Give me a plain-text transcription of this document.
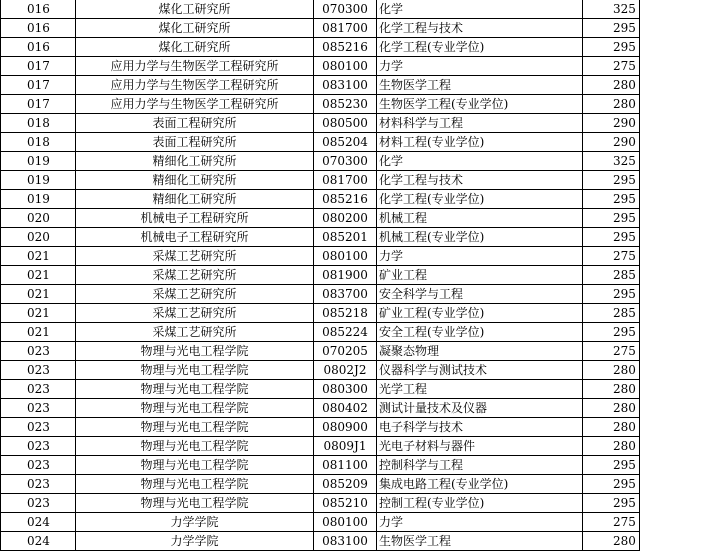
016	煤化工研究所	070300	化学	325
016	煤化工研究所	081700	化学工程与技术	295
016	煤化工研究所	085216	化学工程(专业学位)	295
017	应用力学与生物医学工程研究所	080100	力学	275
017	应用力学与生物医学工程研究所	083100	生物医学工程	280
017	应用力学与生物医学工程研究所	085230	生物医学工程(专业学位)	280
018	表面工程研究所	080500	材料科学与工程	290
018	表面工程研究所	085204	材料工程(专业学位)	290
019	精细化工研究所	070300	化学	325
019	精细化工研究所	081700	化学工程与技术	295
019	精细化工研究所	085216	化学工程(专业学位)	295
020	机械电子工程研究所	080200	机械工程	295
020	机械电子工程研究所	085201	机械工程(专业学位)	295
021	采煤工艺研究所	080100	力学	275
021	采煤工艺研究所	081900	矿业工程	285
021	采煤工艺研究所	083700	安全科学与工程	295
021	采煤工艺研究所	085218	矿业工程(专业学位)	285
021	采煤工艺研究所	085224	安全工程(专业学位)	295
023	物理与光电工程学院	070205	凝聚态物理	275
023	物理与光电工程学院	0802J2	仪器科学与测试技术	280
023	物理与光电工程学院	080300	光学工程	280
023	物理与光电工程学院	080402	测试计量技术及仪器	280
023	物理与光电工程学院	080900	电子科学与技术	280
023	物理与光电工程学院	0809J1	光电子材料与器件	280
023	物理与光电工程学院	081100	控制科学与工程	295
023	物理与光电工程学院	085209	集成电路工程(专业学位)	295
023	物理与光电工程学院	085210	控制工程(专业学位)	295
024	力学学院	080100	力学	275
024	力学学院	083100	生物医学工程	280
